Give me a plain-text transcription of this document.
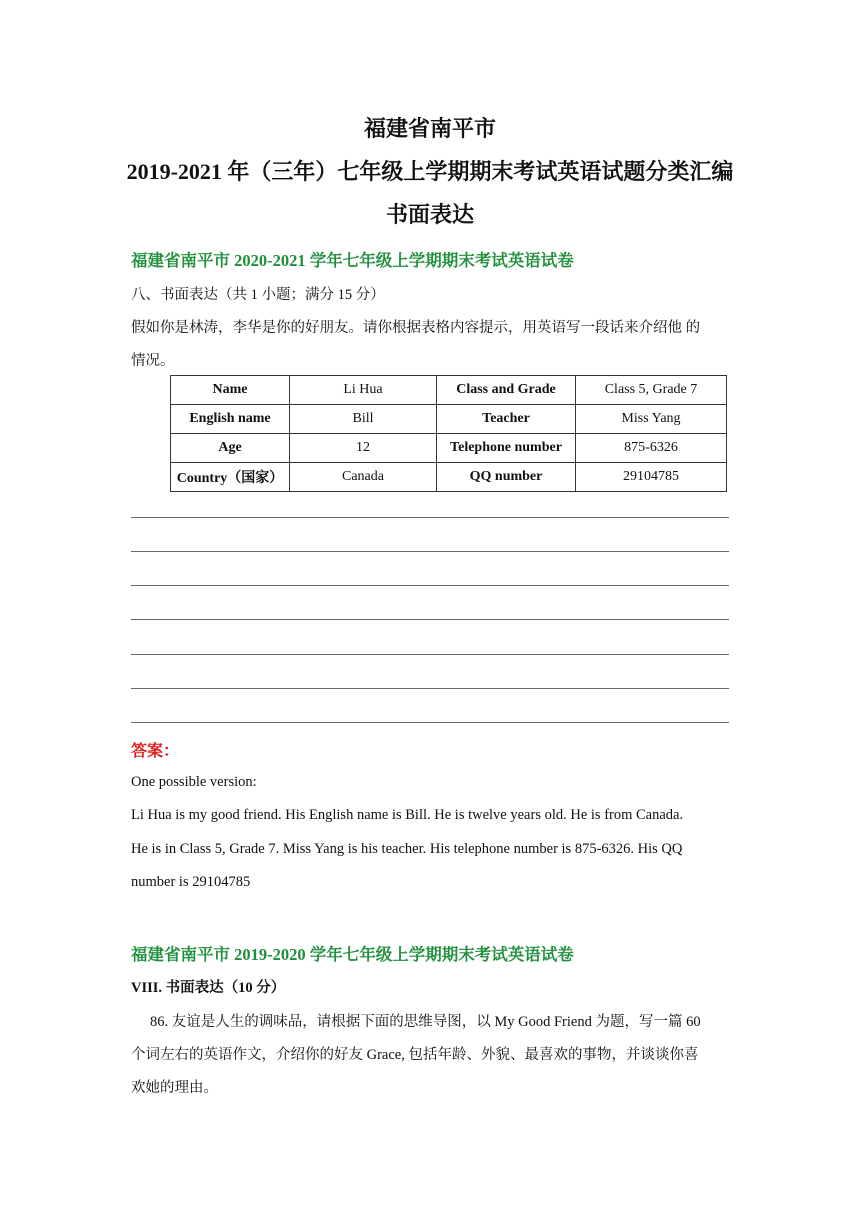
福建省南平市
2019-2021 年（三年）七年级上学期期末考试英语试题分类汇编
书面表达
福建省南平市 2020-2021 学年七年级上学期期末考试英语试卷
八、书面表达（共 1 小题；满分 15 分）
假如你是林涛，李华是你的好朋友。请你根据表格内容提示，用英语写一段话来介绍他 的
情况。
Name	Li Hua	Class and Grade	Class 5, Grade 7
English name	Bill	Teacher	Miss Yang
Age	12	Telephone number	875-6326
Country（国家）	Canada	QQ number	29104785
答案：
One possible version:
Li Hua is my good friend. His English name is Bill. He is twelve years old. He is from Canada.
He is in Class 5, Grade 7. Miss Yang is his teacher. His telephone number is 875-6326. His QQ
number is 29104785
福建省南平市 2019-2020 学年七年级上学期期末考试英语试卷
VIII. 书面表达（10 分）
86. 友谊是人生的调味品，请根据下面的思维导图，以 My Good Friend 为题，写一篇 60
个词左右的英语作文，介绍你的好友 Grace, 包括年龄、外貌、最喜欢的事物，并谈谈你喜
欢她的理由。
